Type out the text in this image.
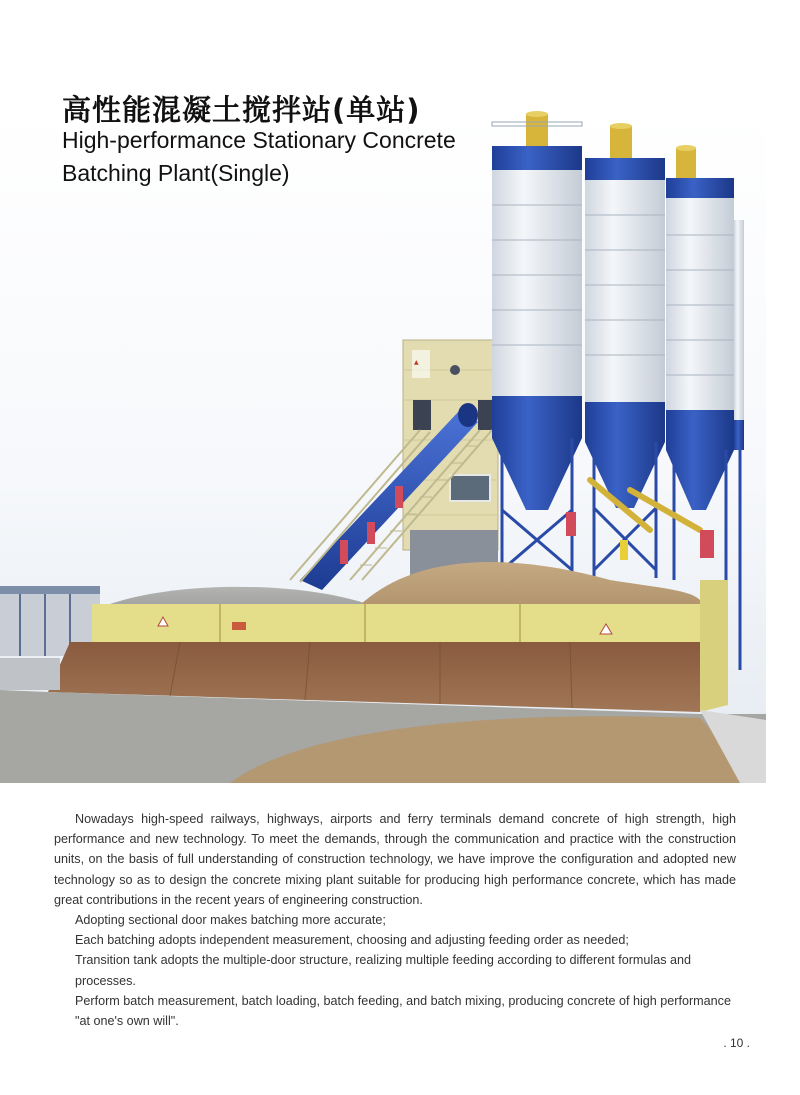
▲
高性能混凝土搅拌站(单站)
High-performance Stationary Concrete
Batching Plant(Single)

Nowadays high-speed railways, highways, airports and ferry terminals demand concrete of high strength, high performance and new technology. To meet the demands, through the communication and practice with the construction units, on the basis of full understanding of construction technology, we have improve the configuration and adopted new technology so as to design the concrete mixing plant suitable for producing high performance concrete, which has made great contributions in the recent years of engineering construction.

Adopting sectional door makes batching more accurate;

Each batching adopts independent measurement, choosing and adjusting feeding order as needed;

Transition tank adopts the multiple-door structure, realizing multiple feeding according to different formulas and processes.

Perform batch measurement, batch loading, batch feeding, and batch mixing, producing concrete of high performance "at one's own will".

. 10 .
